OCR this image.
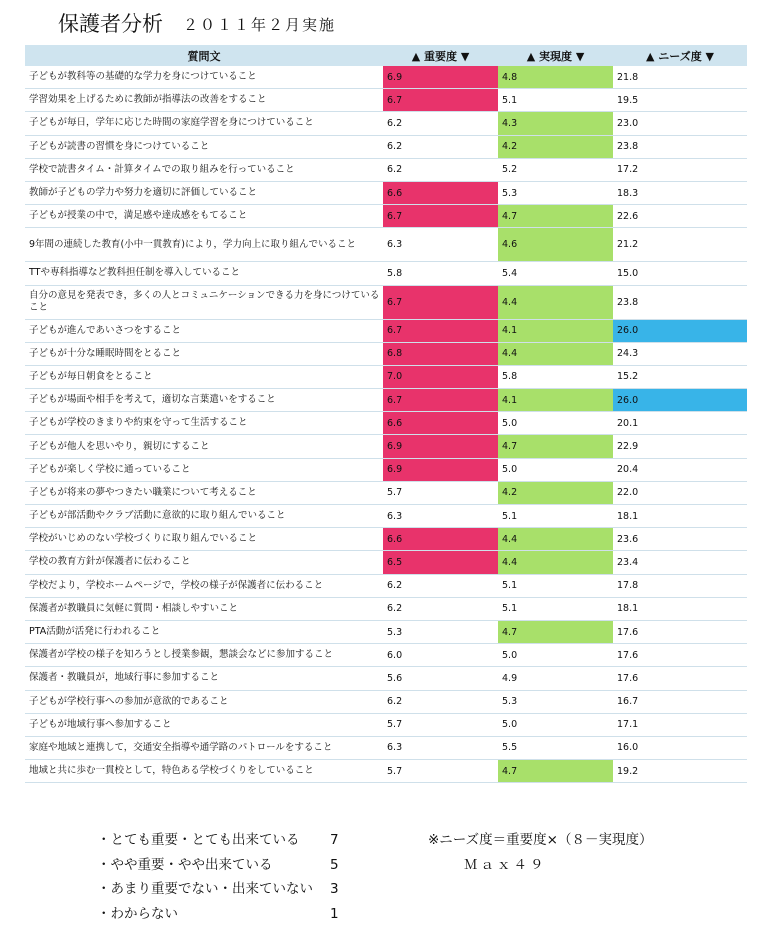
保護者分析 ２０１１年２月実施
質問文	▲ 重要度 ▼	▲ 実現度 ▼	▲ ニーズ度 ▼
子どもが教科等の基礎的な学力を身につけていること	6.9	4.8	21.8
学習効果を上げるために教師が指導法の改善をすること	6.7	5.1	19.5
子どもが毎日，学年に応じた時間の家庭学習を身につけていること	6.2	4.3	23.0
子どもが読書の習慣を身につけていること	6.2	4.2	23.8
学校で読書タイム・計算タイムでの取り組みを行っていること	6.2	5.2	17.2
教師が子どもの学力や努力を適切に評価していること	6.6	5.3	18.3
子どもが授業の中で，満足感や達成感をもてること	6.7	4.7	22.6
9年間の連続した教育(小中一貫教育)により，学力向上に取り組んでいること	6.3	4.6	21.2
TTや専科指導など教科担任制を導入していること	5.8	5.4	15.0
自分の意見を発表でき，多くの人とコミュニケーションできる力を身につけていること	6.7	4.4	23.8
子どもが進んであいさつをすること	6.7	4.1	26.0
子どもが十分な睡眠時間をとること	6.8	4.4	24.3
子どもが毎日朝食をとること	7.0	5.8	15.2
子どもが場面や相手を考えて，適切な言葉遣いをすること	6.7	4.1	26.0
子どもが学校のきまりや約束を守って生活すること	6.6	5.0	20.1
子どもが他人を思いやり，親切にすること	6.9	4.7	22.9
子どもが楽しく学校に通っていること	6.9	5.0	20.4
子どもが将来の夢やつきたい職業について考えること	5.7	4.2	22.0
子どもが部活動やクラブ活動に意欲的に取り組んでいること	6.3	5.1	18.1
学校がいじめのない学校づくりに取り組んでいること	6.6	4.4	23.6
学校の教育方針が保護者に伝わること	6.5	4.4	23.4
学校だより，学校ホームページで，学校の様子が保護者に伝わること	6.2	5.1	17.8
保護者が教職員に気軽に質問・相談しやすいこと	6.2	5.1	18.1
PTA活動が活発に行われること	5.3	4.7	17.6
保護者が学校の様子を知ろうとし授業参観，懇談会などに参加すること	6.0	5.0	17.6
保護者・教職員が，地域行事に参加すること	5.6	4.9	17.6
子どもが学校行事への参加が意欲的であること	6.2	5.3	16.7
子どもが地域行事へ参加すること	5.7	5.0	17.1
家庭や地域と連携して，交通安全指導や通学路のパトロールをすること	6.3	5.5	16.0
地域と共に歩む一貫校として，特色ある学校づくりをしていること	5.7	4.7	19.2
・とても重要・とても出来ている 7
・やや重要・やや出来ている	5
・あまり重要でない・出来ていない 3
・わからない	1
※ニーズ度＝重要度×（８－実現度）
Ｍａｘ４９
